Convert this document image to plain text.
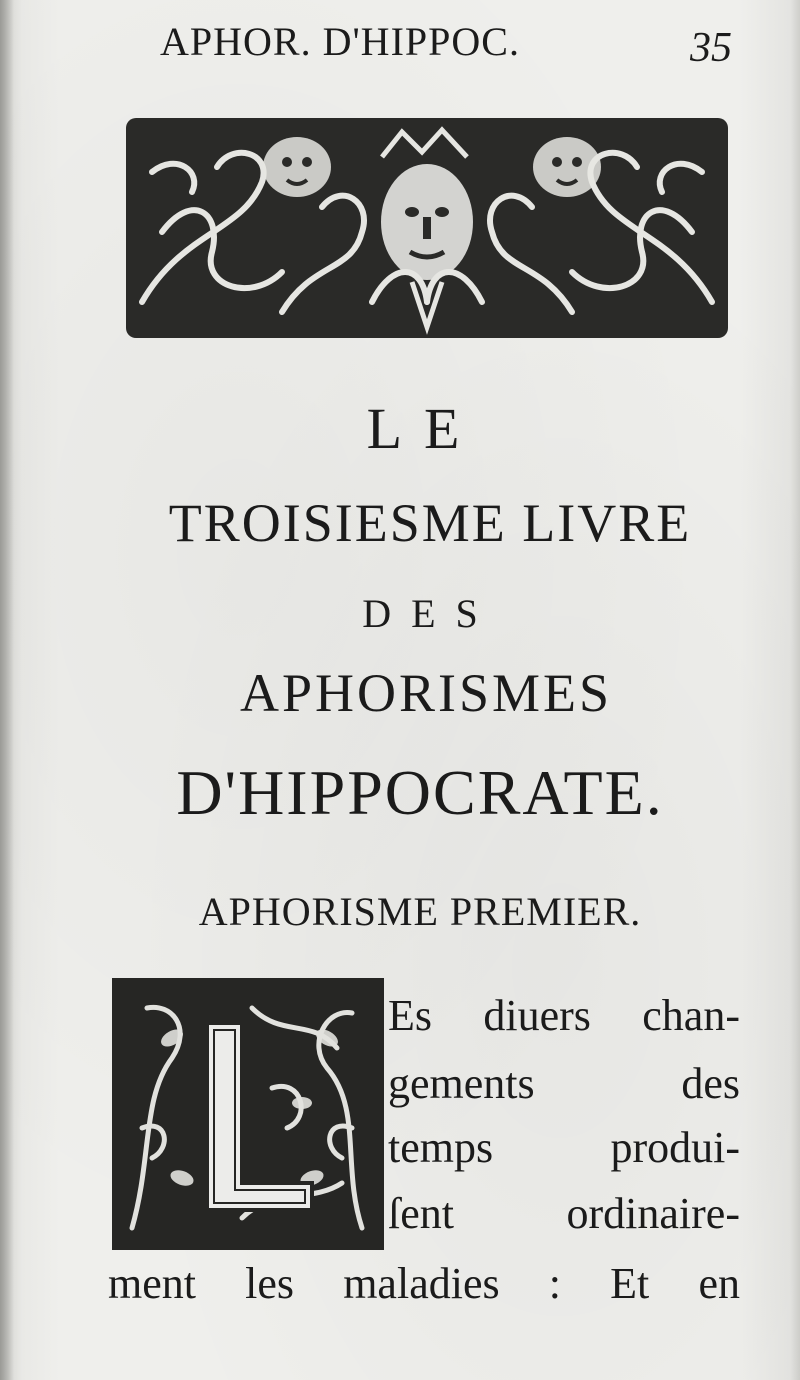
APHOR. D'HIPPOC.	35
LE
TROISIESME LIVRE
DES
APHORISMES
D'HIPPOCRATE.
APHORISME PREMIER.
Es diuers chan-
gements des
temps produi-
ſent ordinaire-
ment les maladies : Et en
